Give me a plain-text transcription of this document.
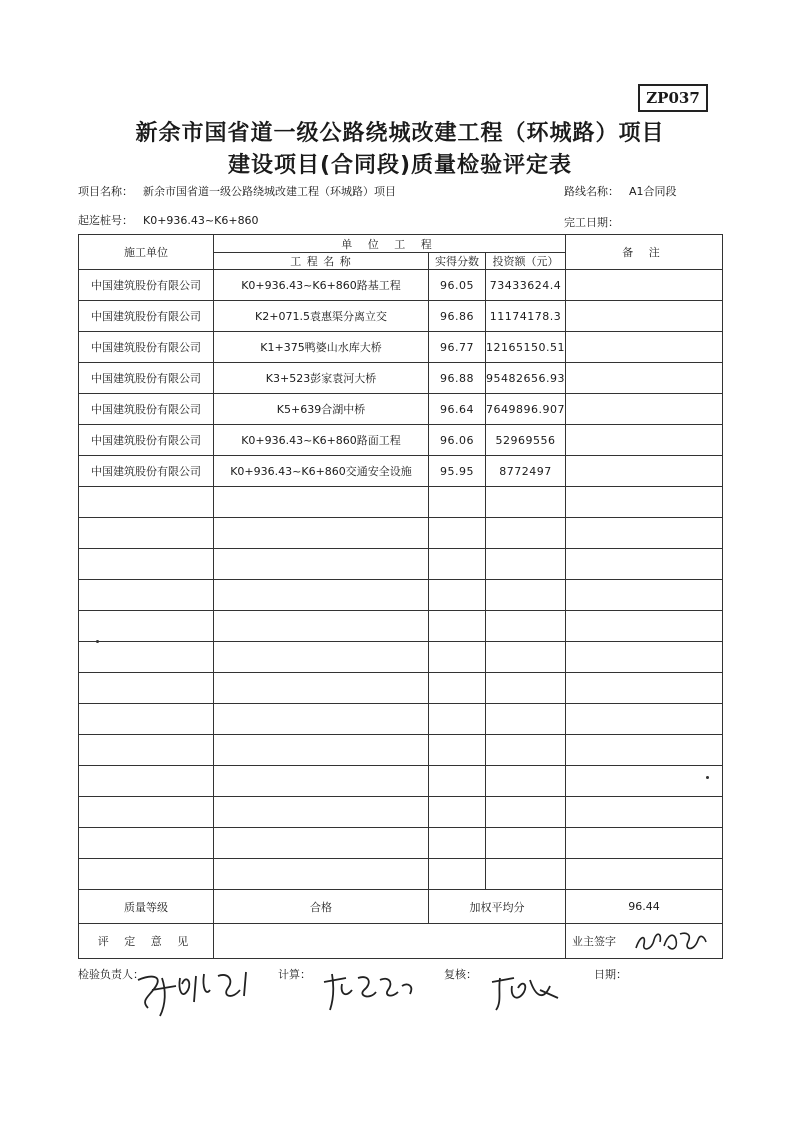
ZP037
新余市国省道一级公路绕城改建工程（环城路）项目
建设项目(合同段)质量检验评定表
项目名称： 新余市国省道一级公路绕城改建工程（环城路）项目	路线名称： A1合同段
起迄桩号： K0+936.43~K6+860	完工日期：
施工单位	单 位 工 程			备 注
	工 程 名 称	实得分数	投资额（元）	
中国建筑股份有限公司	K0+936.43~K6+860路基工程	96.05	73433624.4	
中国建筑股份有限公司	K2+071.5袁惠渠分离立交	96.86	11174178.3	
中国建筑股份有限公司	K1+375鸭婆山水库大桥	96.77	12165150.51	
中国建筑股份有限公司	K3+523彭家袁河大桥	96.88	95482656.93	
中国建筑股份有限公司	K5+639合湖中桥	96.64	7649896.907	
中国建筑股份有限公司	K0+936.43~K6+860路面工程	96.06	52969556	
中国建筑股份有限公司	K0+936.43~K6+860交通安全设施	95.95	8772497	

质量等级	合格	加权平均分		96.44
评 定 意 见				业主签字
检验负责人：	计算：	复核：	日期：
